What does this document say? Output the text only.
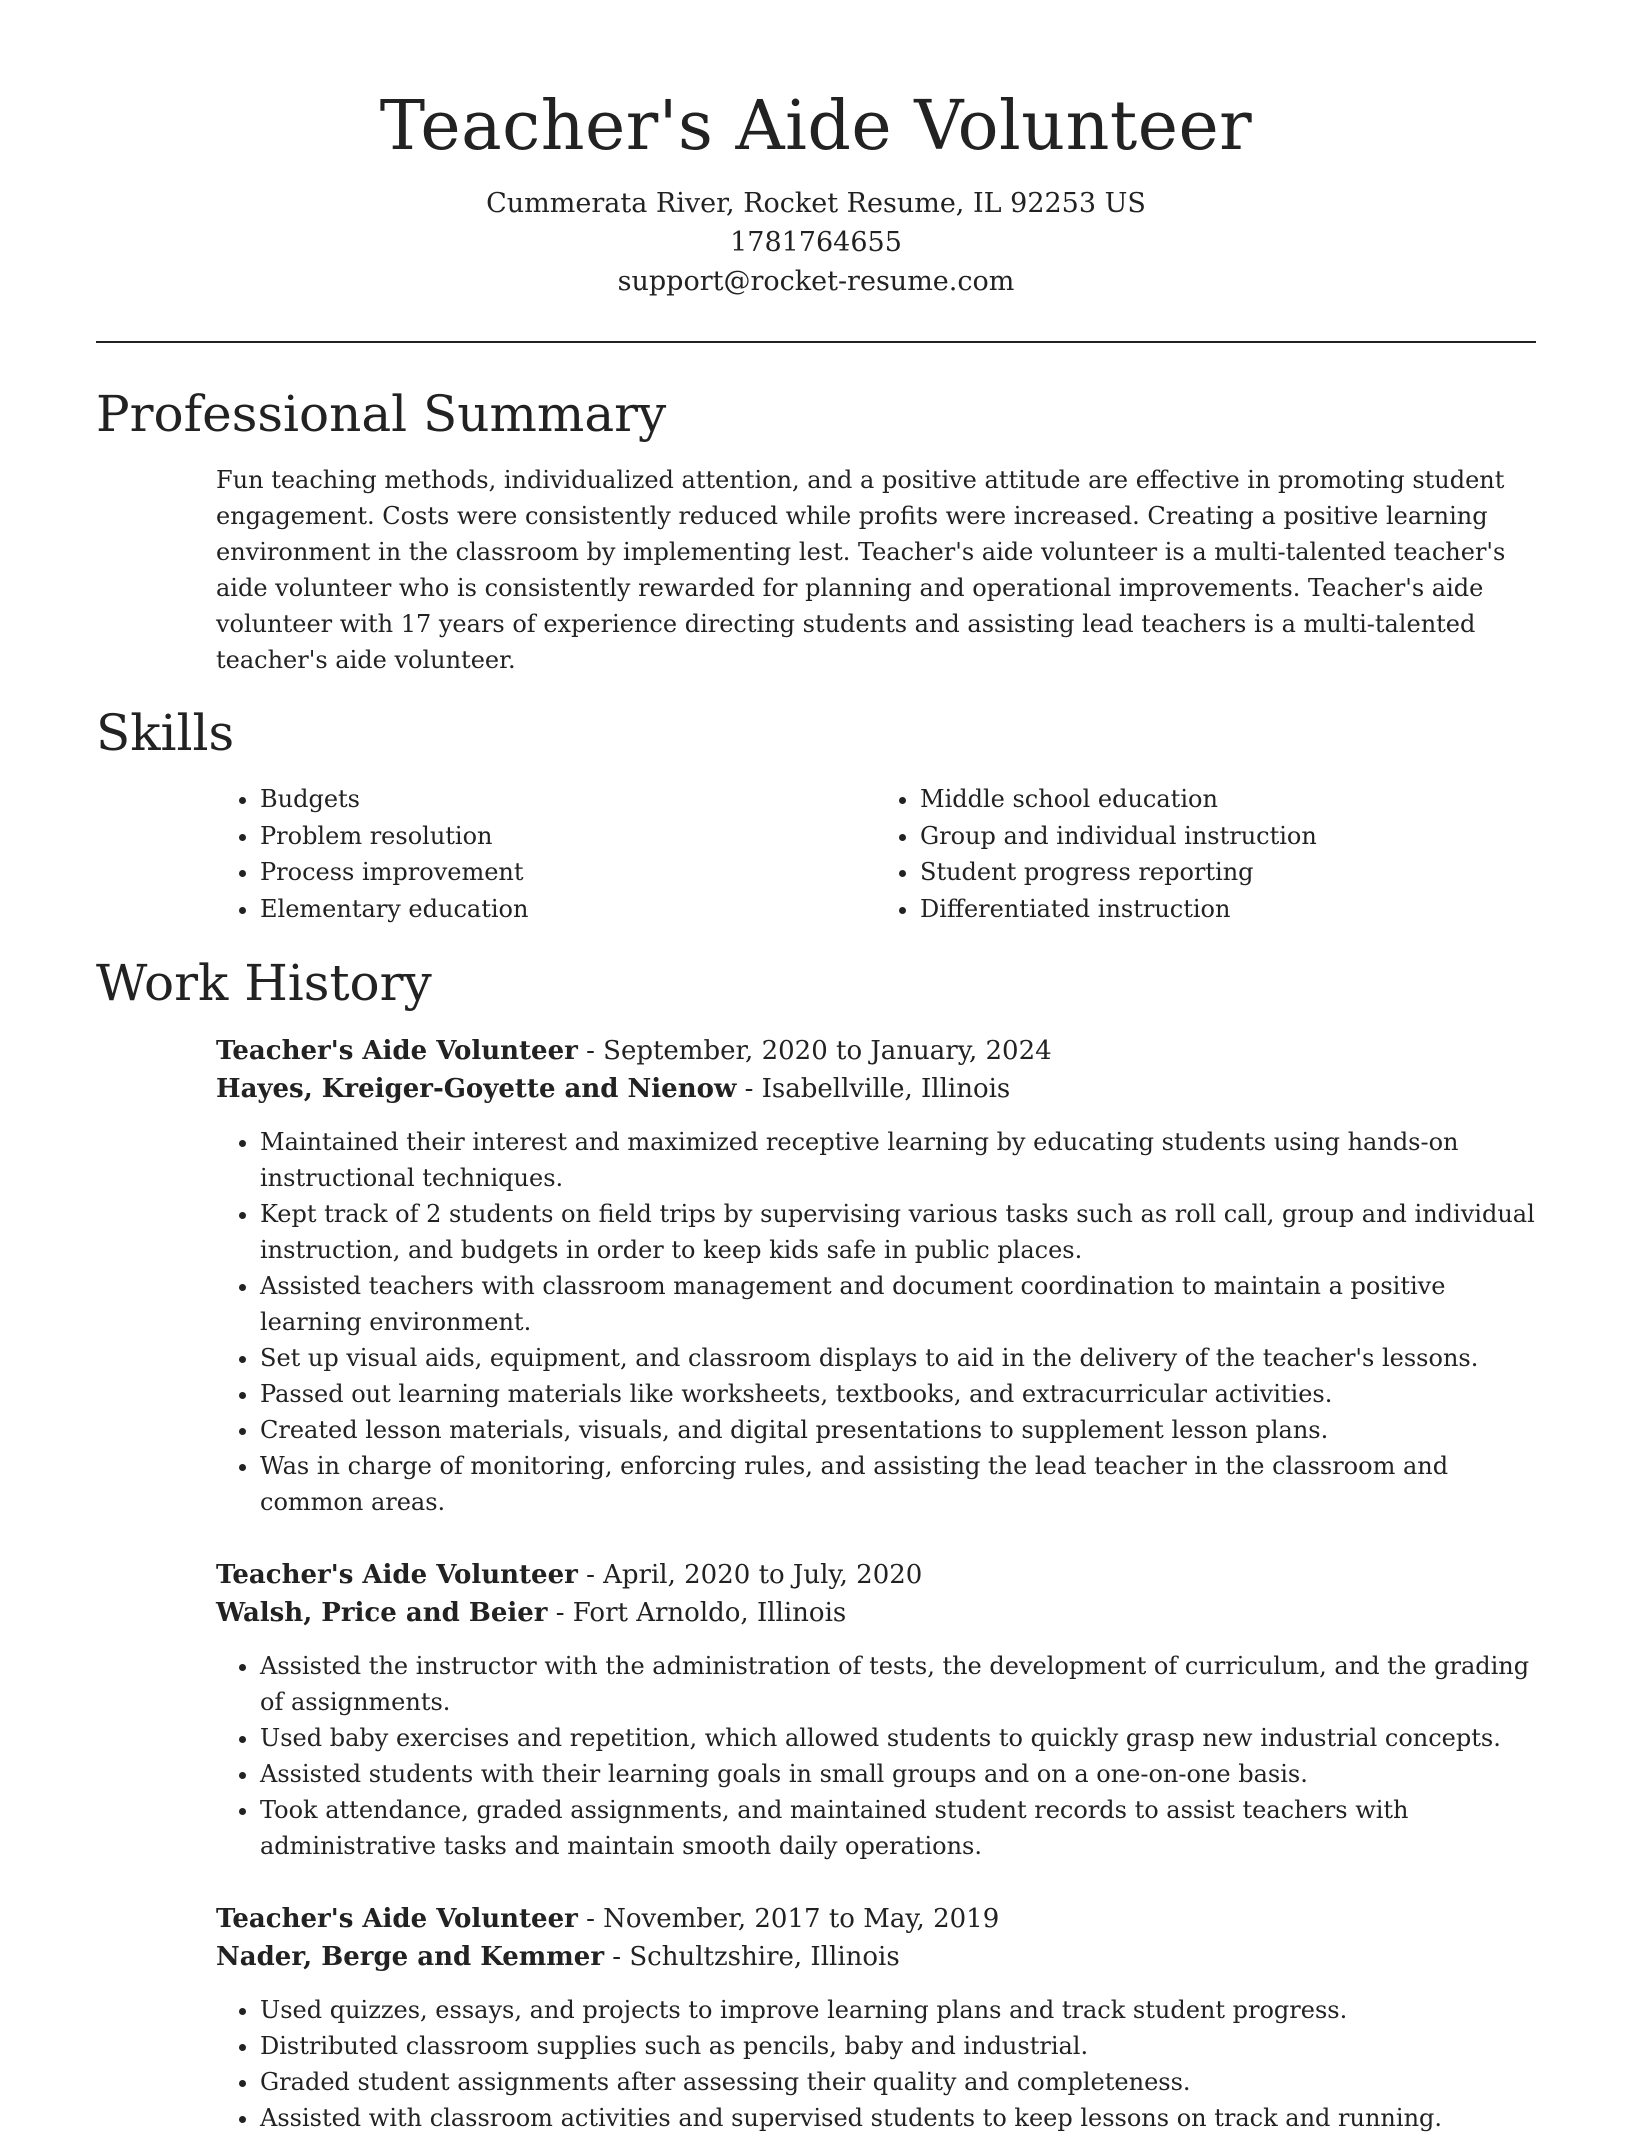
Teacher's Aide Volunteer
Cummerata River, Rocket Resume, IL 92253 US
1781764655
support@rocket-resume.com
Professional Summary

Fun teaching methods, individualized attention, and a positive attitude are effective in promoting student engagement. Costs were consistently reduced while profits were increased. Creating a positive learning environment in the classroom by implementing lest. Teacher's aide volunteer is a multi-talented teacher's aide volunteer who is consistently rewarded for planning and operational improvements. Teacher's aide volunteer with 17 years of experience directing students and assisting lead teachers is a multi-talented teacher's aide volunteer.

Skills
• Budgets
• Problem resolution
• Process improvement
• Elementary education
• Middle school education
• Group and individual instruction
• Student progress reporting
• Differentiated instruction
Work History
Teacher's Aide Volunteer - September, 2020 to January, 2024
Hayes, Kreiger-Goyette and Nienow - Isabellville, Illinois
• Maintained their interest and maximized receptive learning by educating students using hands-on instructional techniques.
• Kept track of 2 students on field trips by supervising various tasks such as roll call, group and individual instruction, and budgets in order to keep kids safe in public places.
• Assisted teachers with classroom management and document coordination to maintain a positive learning environment.
• Set up visual aids, equipment, and classroom displays to aid in the delivery of the teacher's lessons.
• Passed out learning materials like worksheets, textbooks, and extracurricular activities.
• Created lesson materials, visuals, and digital presentations to supplement lesson plans.
• Was in charge of monitoring, enforcing rules, and assisting the lead teacher in the classroom and common areas.
Teacher's Aide Volunteer - April, 2020 to July, 2020
Walsh, Price and Beier - Fort Arnoldo, Illinois
• Assisted the instructor with the administration of tests, the development of curriculum, and the grading of assignments.
• Used baby exercises and repetition, which allowed students to quickly grasp new industrial concepts.
• Assisted students with their learning goals in small groups and on a one-on-one basis.
• Took attendance, graded assignments, and maintained student records to assist teachers with administrative tasks and maintain smooth daily operations.
Teacher's Aide Volunteer - November, 2017 to May, 2019
Nader, Berge and Kemmer - Schultzshire, Illinois
• Used quizzes, essays, and projects to improve learning plans and track student progress.
• Distributed classroom supplies such as pencils, baby and industrial.
• Graded student assignments after assessing their quality and completeness.
• Assisted with classroom activities and supervised students to keep lessons on track and running.
